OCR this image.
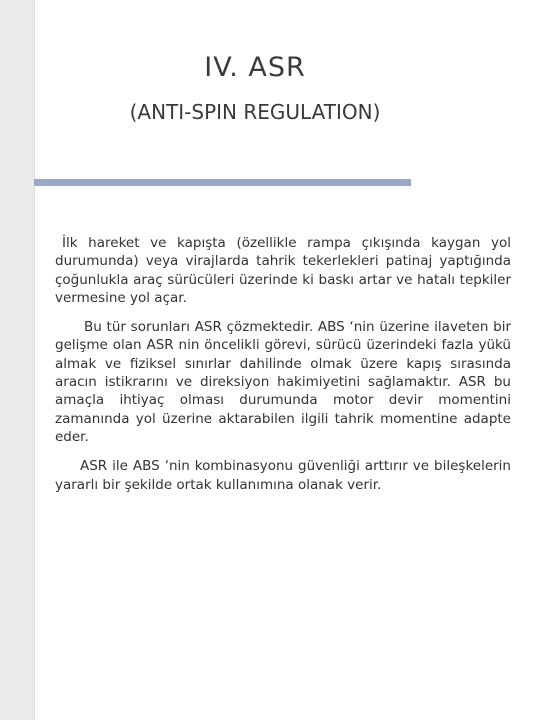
IV. ASR
(ANTI-SPIN REGULATION)

İlk hareket ve kapışta (özellikle rampa çıkışında kaygan yol durumunda) veya virajlarda tahrik tekerlekleri patinaj yaptığında çoğunlukla araç sürücüleri üzerinde ki baskı artar ve hatalı tepkiler vermesine yol açar.

Bu tür sorunları ASR çözmektedir. ABS ‘nin üzerine ilaveten bir gelişme olan ASR nin öncelikli görevi, sürücü üzerindeki fazla yükü almak ve fiziksel sınırlar dahilinde olmak üzere kapış sırasında aracın istikrarını ve direksiyon hakimiyetini sağlamaktır. ASR bu amaçla ihtiyaç olması durumunda motor devir momentini zamanında yol üzerine aktarabilen ilgili tahrik momentine adapte eder.

ASR ile ABS ‘nin kombinasyonu güvenliği arttırır ve bileşkelerin yararlı bir şekilde ortak kullanımına olanak verir.
